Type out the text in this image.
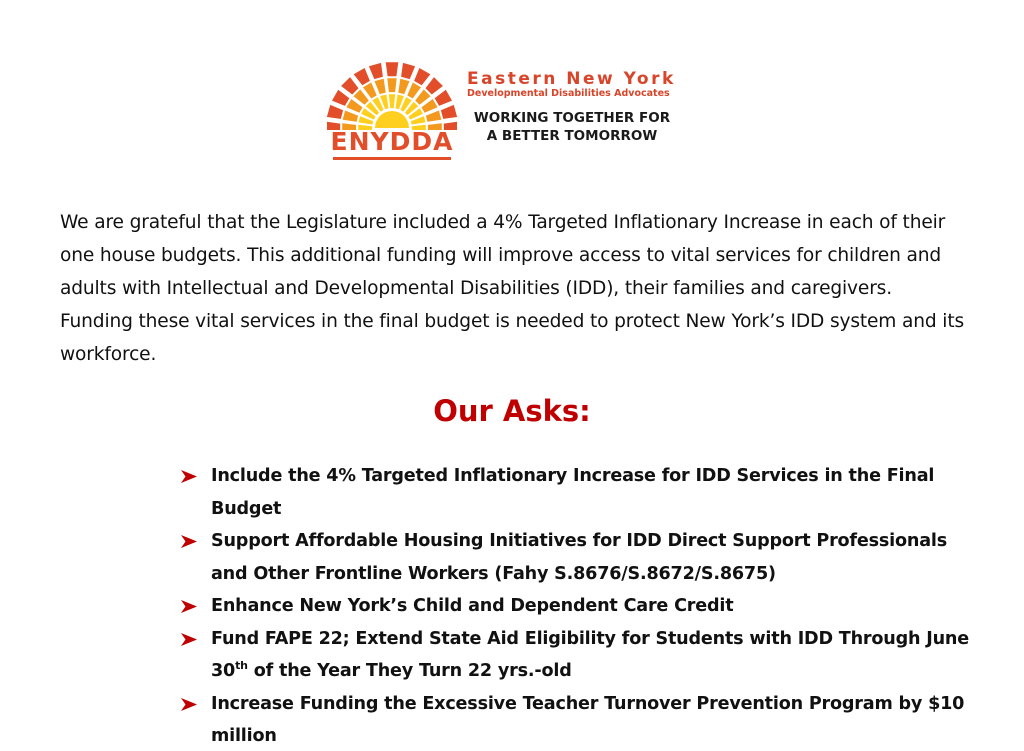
ENYDDA
Eastern New York
Developmental Disabilities Advocates
WORKING TOGETHER FOR
A BETTER TOMORROW

We are grateful that the Legislature included a 4% Targeted Inflationary Increase in each of their one house budgets. This additional funding will improve access to vital services for children and adults with Intellectual and Developmental Disabilities (IDD), their families and caregivers. Funding these vital services in the final budget is needed to protect New York’s IDD system and its workforce.

Our Asks:
Include the 4% Targeted Inflationary Increase for IDD Services in the Final Budget
Support Affordable Housing Initiatives for IDD Direct Support Professionals and Other Frontline Workers (Fahy S.8676/S.8672/S.8675)
Enhance New York’s Child and Dependent Care Credit
Fund FAPE 22; Extend State Aid Eligibility for Students with IDD Through June 30th of the Year They Turn 22 yrs.-old
Increase Funding the Excessive Teacher Turnover Prevention Program by $10 million
